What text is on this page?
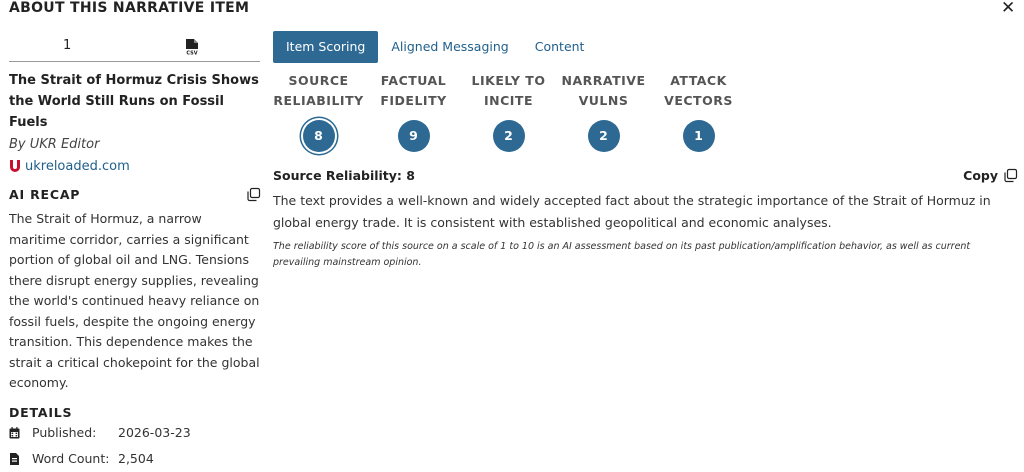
ABOUT THIS NARRATIVE ITEM	✕
1
CSV
The Strait of Hormuz Crisis Shows the World Still Runs on Fossil Fuels
By UKR Editor
ukreloaded.com
AI RECAP
The Strait of Hormuz, a narrow maritime corridor, carries a significant portion of global oil and LNG. Tensions there disrupt energy supplies, revealing the world's continued heavy reliance on fossil fuels, despite the ongoing energy transition. This dependence makes the strait a critical chokepoint for the global economy.
DETAILS
Published:	2026-03-23
Word Count: 2,504
Item Scoring	Aligned Messaging	Content
SOURCE RELIABILITY
8
FACTUAL FIDELITY
9
LIKELY TO INCITE
2
NARRATIVE VULNS
2
ATTACK VECTORS
1
Source Reliability: 8	Copy
The text provides a well-known and widely accepted fact about the strategic importance of the Strait of Hormuz in global energy trade. It is consistent with established geopolitical and economic analyses.
The reliability score of this source on a scale of 1 to 10 is an AI assessment based on its past publication/amplification behavior, as well as current prevailing mainstream opinion.
